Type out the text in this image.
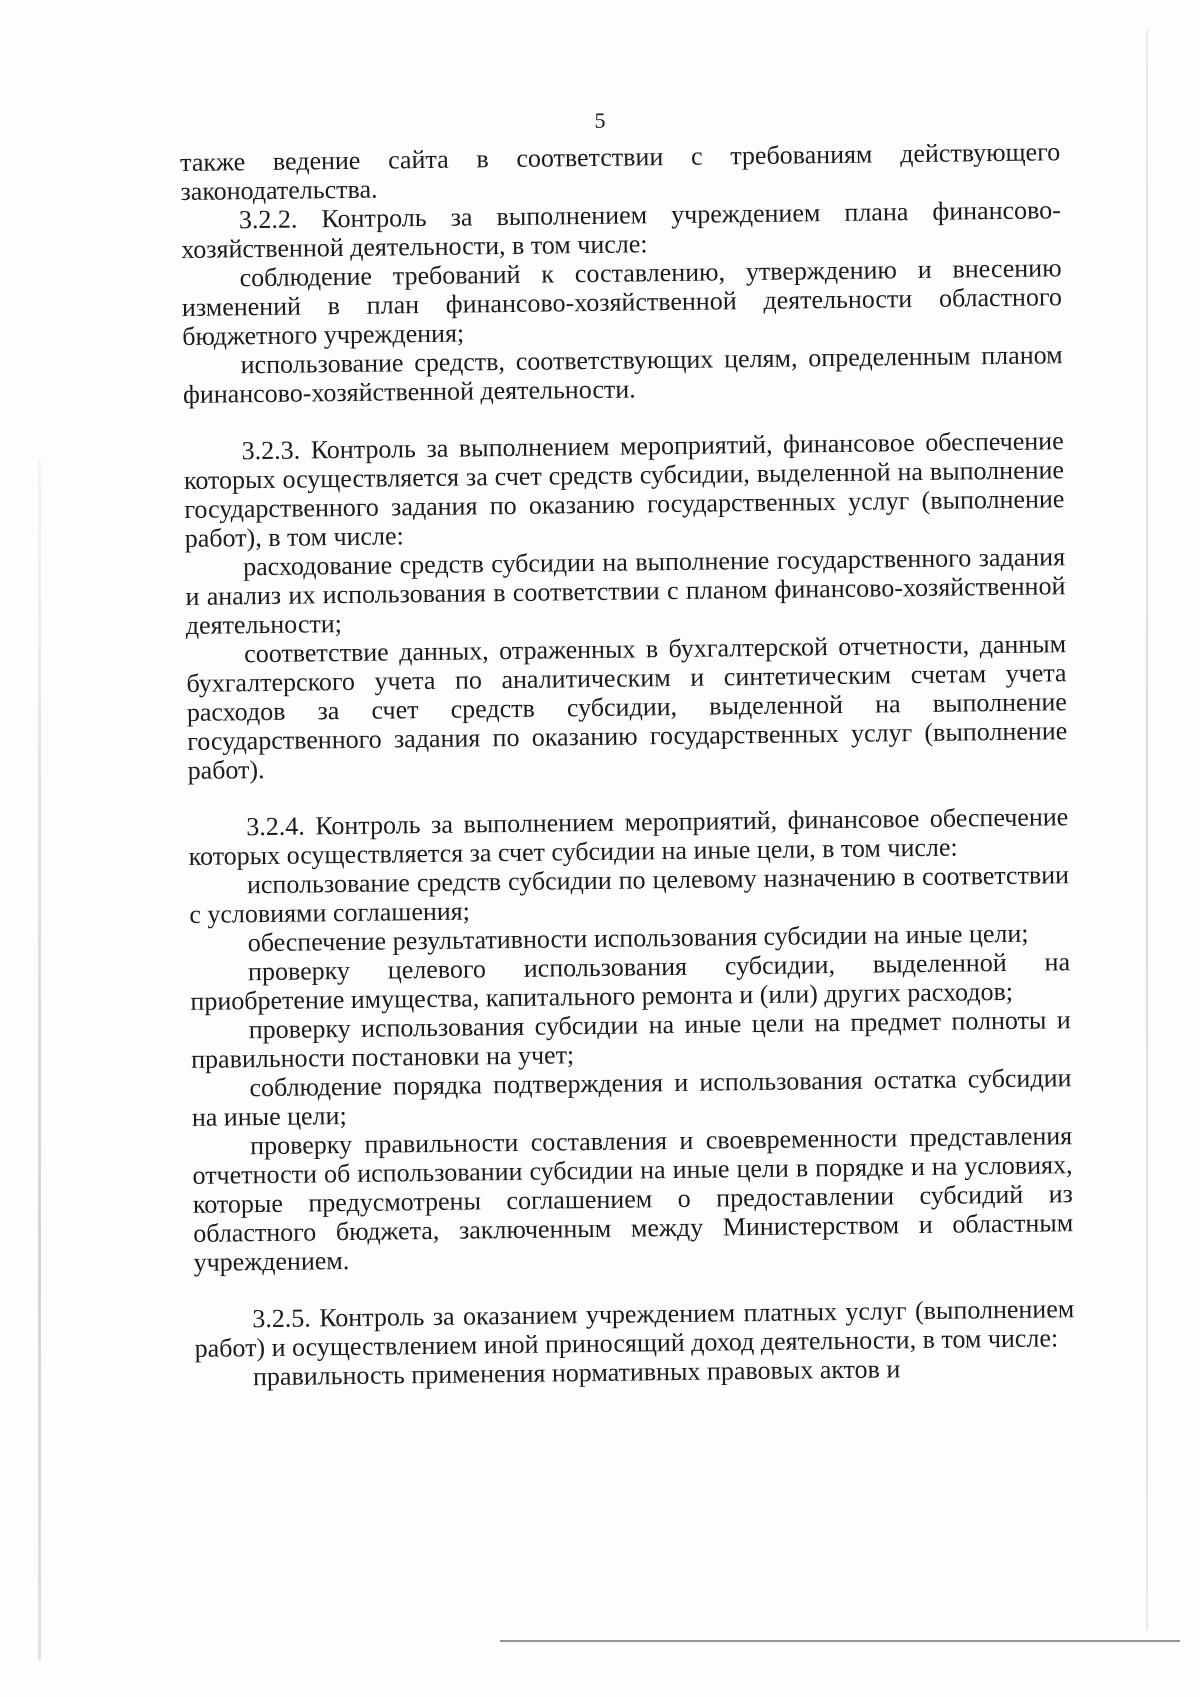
5

также ведение сайта в соответствии с требованиям действующего законодательства.

3.2.2. Контроль за выполнением учреждением плана финансово-хозяйственной деятельности, в том числе:

соблюдение требований к составлению, утверждению и внесению изменений в план финансово-хозяйственной деятельности областного бюджетного учреждения;

использование средств, соответствующих целям, определенным планом финансово-хозяйственной деятельности.

3.2.3. Контроль за выполнением мероприятий, финансовое обеспечение которых осуществляется за счет средств субсидии, выделенной на выполнение государственного задания по оказанию государственных услуг (выполнение работ), в том числе:

расходование средств субсидии на выполнение государственного задания и анализ их использования в соответствии с планом финансово-хозяйственной деятельности;

соответствие данных, отраженных в бухгалтерской отчетности, данным бухгалтерского учета по аналитическим и синтетическим счетам учета расходов за счет средств субсидии, выделенной на выполнение государственного задания по оказанию государственных услуг (выполнение работ).

3.2.4. Контроль за выполнением мероприятий, финансовое обеспечение которых осуществляется за счет субсидии на иные цели, в том числе:

использование средств субсидии по целевому назначению в соответствии с условиями соглашения;

обеспечение результативности использования субсидии на иные цели;

проверку целевого использования субсидии, выделенной на приобретение имущества, капитального ремонта и (или) других расходов;

проверку использования субсидии на иные цели на предмет полноты и правильности постановки на учет;

соблюдение порядка подтверждения и использования остатка субсидии на иные цели;

проверку правильности составления и своевременности представления отчетности об использовании субсидии на иные цели в порядке и на условиях, которые предусмотрены соглашением о предоставлении субсидий из областного бюджета, заключенным между Министерством и областным учреждением.

3.2.5. Контроль за оказанием учреждением платных услуг (выполнением работ) и осуществлением иной приносящий доход деятельности, в том числе:

правильность применения нормативных правовых актов и
